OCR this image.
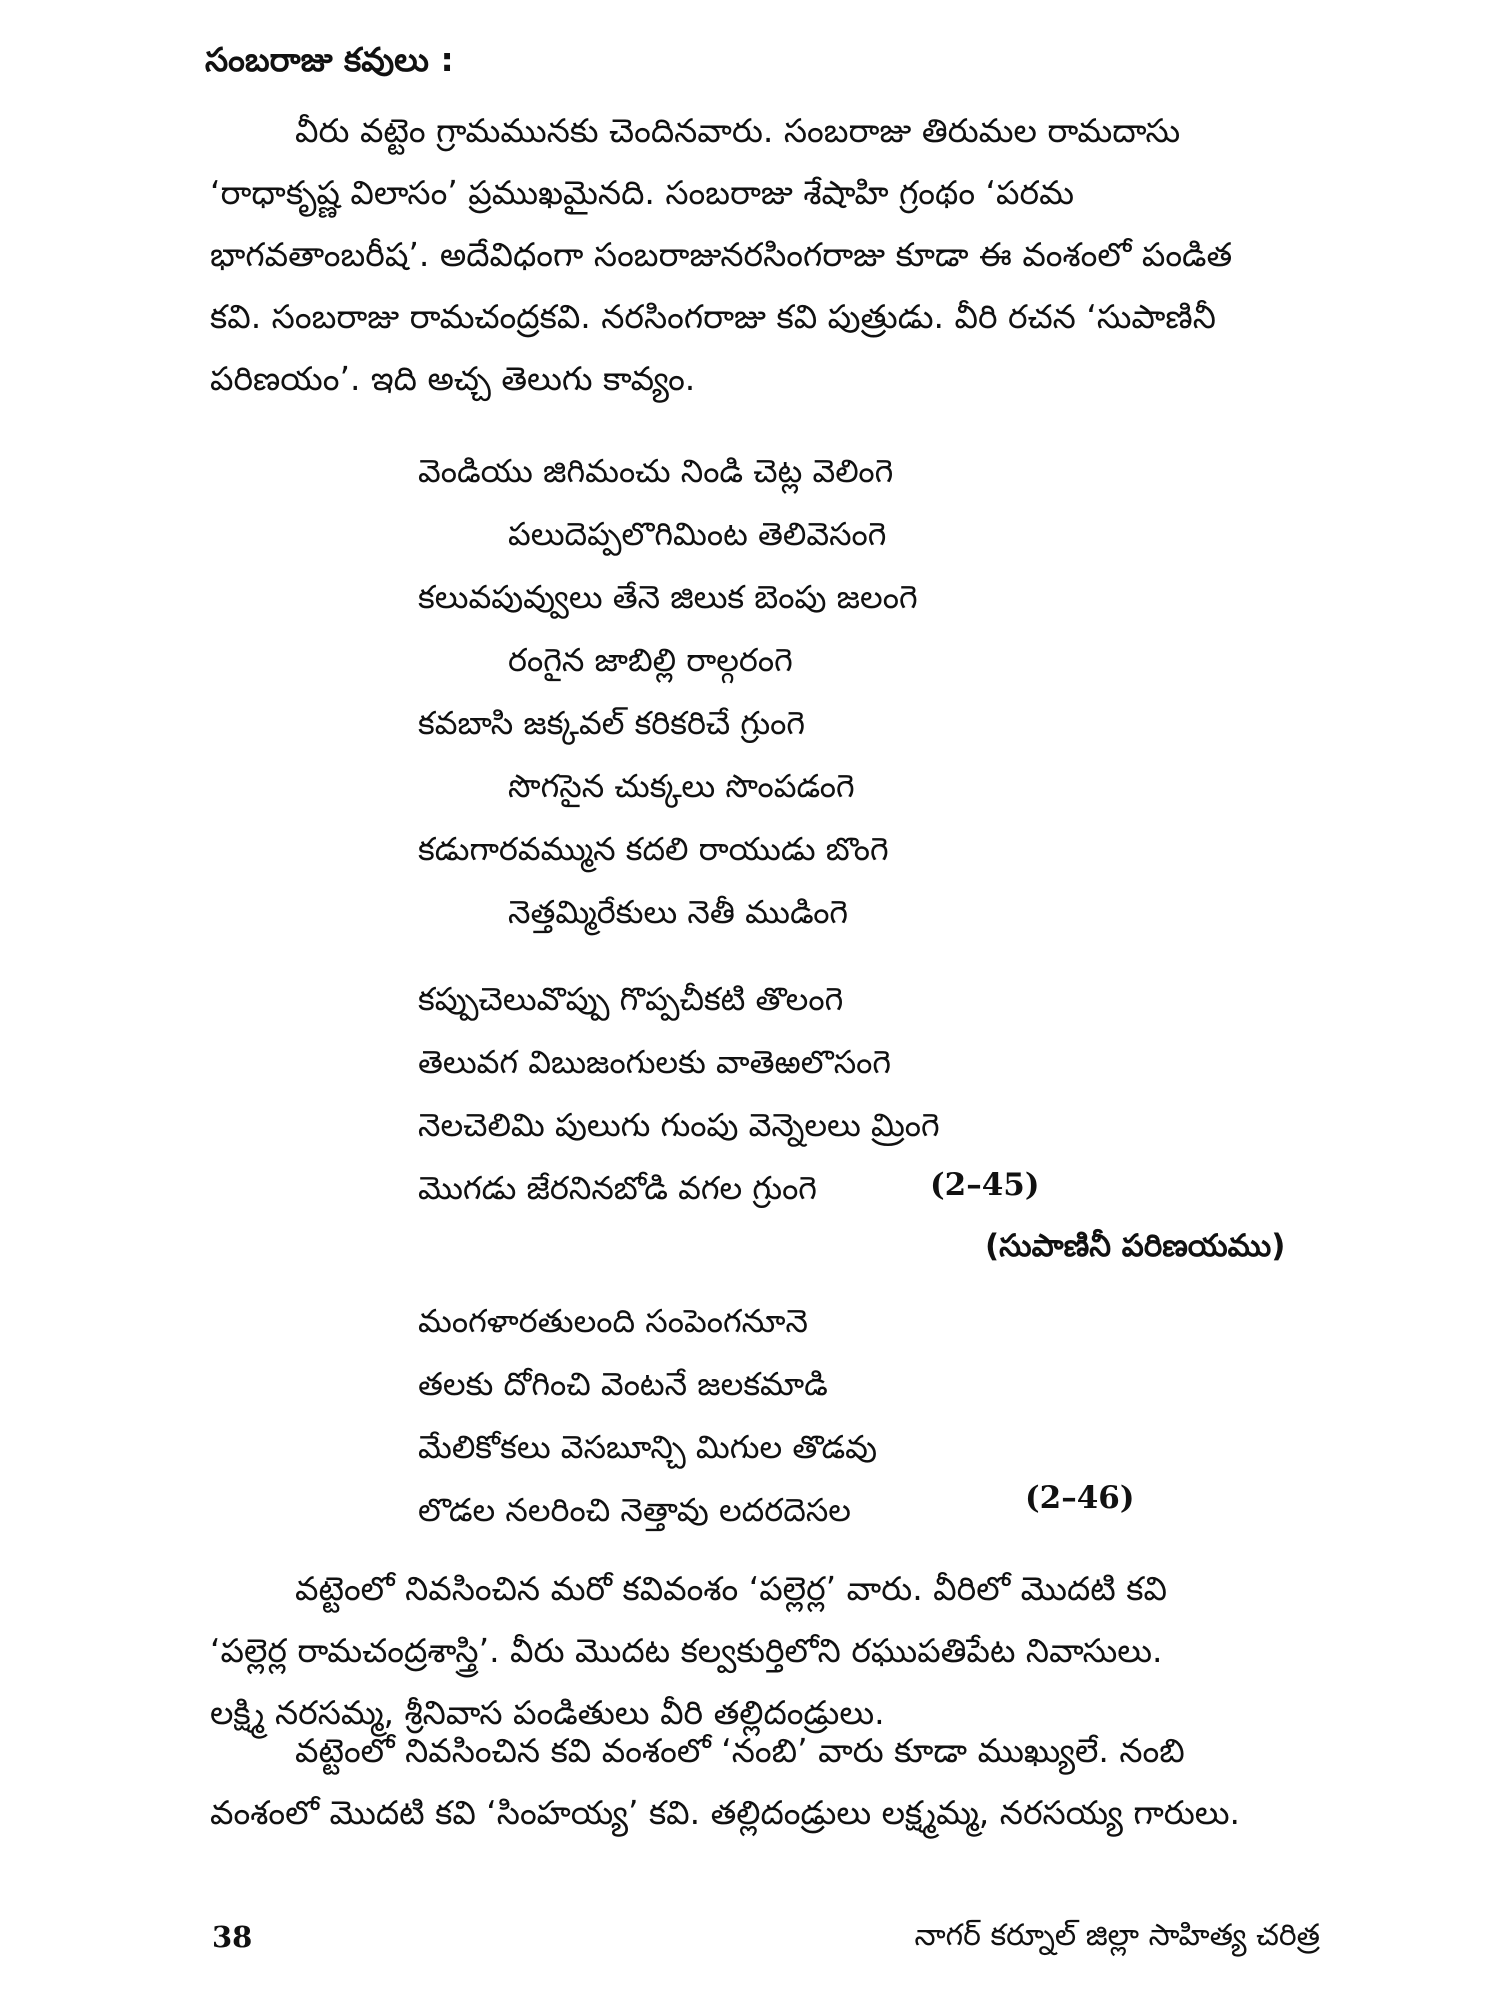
సంబరాజు కవులు :
వీరు వట్టెం గ్రామమునకు చెందినవారు. సంబరాజు తిరుమల రామదాసు
‘రాధాకృష్ణ విలాసం’ ప్రముఖమైనది. సంబరాజు శేషాహి గ్రంథం ‘పరమ
భాగవతాంబరీష’. అదేవిధంగా సంబరాజునరసింగరాజు కూడా ఈ వంశంలో పండిత
కవి. సంబరాజు రామచంద్రకవి. నరసింగరాజు కవి పుత్రుడు. వీరి రచన ‘సుపాణినీ
పరిణయం’. ఇది అచ్చ తెలుగు కావ్యం.
వెండియు జిగిమంచు నిండి చెట్ల వెలింగె
పలుదెప్పలొగిమింట తెలివెసంగె
కలువపువ్వులు తేనె జిలుక బెంపు జలంగె
రంగైన జాబిల్లి రాల్గరంగె
కవబాసి జక్కవల్ కరికరిచే గ్రుంగె
సొగసైన చుక్కలు సొంపడంగె
కడుగారవమ్మున కదలి రాయుడు బొంగె
నెత్తమ్మిరేకులు నెతీ ముడింగె
కప్పుచెలువొప్పు గొప్పచీకటి తొలంగె
తెలువగ విబుజంగులకు వాతెఱలొసంగె
నెలచెలిమి పులుగు గుంపు వెన్నెలలు మ్రింగె
మొగడు జేరనినబోడి వగల గ్రుంగె	(2–45)
(సుపాణినీ పరిణయము)
మంగళారతులంది సంపెంగనూనె
తలకు దోగించి వెంటనే జలకమాడి
మేలికోకలు వెసబూన్చి మిగుల తొడవు
లొడల నలరించి నెత్తావు లదరదెసల	(2–46)
వట్టెంలో నివసించిన మరో కవివంశం ‘పల్లెర్ల’ వారు. వీరిలో మొదటి కవి
‘పల్లెర్ల రామచంద్రశాస్త్రి’. వీరు మొదట కల్వకుర్తిలోని రఘుపతిపేట నివాసులు.
లక్ష్మి నరసమ్మ, శ్రీనివాస పండితులు వీరి తల్లిదండ్రులు.
వట్టెంలో నివసించిన కవి వంశంలో ‘నంబి’ వారు కూడా ముఖ్యులే. నంబి
వంశంలో మొదటి కవి ‘సింహయ్య’ కవి. తల్లిదండ్రులు లక్ష్మమ్మ, నరసయ్య గారులు.
38	నాగర్ కర్నూల్ జిల్లా సాహిత్య చరిత్ర
